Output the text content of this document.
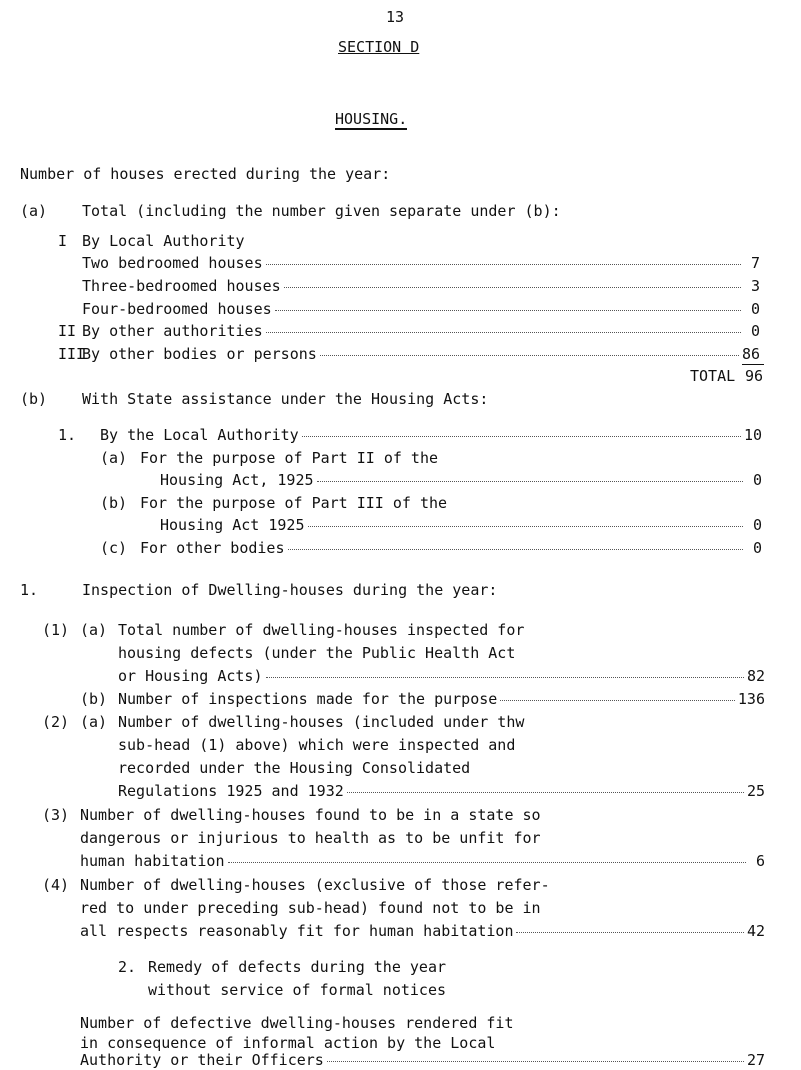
13
SECTION D
HOUSING.
Number of houses erected during the year:
(a) Total (including the number given separate under (b):
I By Local Authority
Two bedroomed houses	7
Three-bedroomed houses	3
Four-bedroomed houses	0
II By other authorities	0
III
By other bodies or persons	86
TOTAL 96
(b) With State assistance under the Housing Acts:
1. By the Local Authority	10
(a) For the purpose of Part II of the
Housing Act, 1925	0
(b) For the purpose of Part III of the
Housing Act 1925	0
(c) For other bodies	0
1.	Inspection of Dwelling-houses during the year:
(1) (a) Total number of dwelling-houses inspected for
housing defects (under the Public Health Act
or Housing Acts)	82
(b) Number of inspections made for the purpose	136
(2) (a) Number of dwelling-houses (included under thw
sub-head (1) above) which were inspected and
recorded under the Housing Consolidated
Regulations 1925 and 1932	25
(3) Number of dwelling-houses found to be in a state so
dangerous or injurious to health as to be unfit for
human habitation	6
(4) Number of dwelling-houses (exclusive of those refer-
red to under preceding sub-head) found not to be in
all respects reasonably fit for human habitation	42
2. Remedy of defects during the year
without service of formal notices
Number of defective dwelling-houses rendered fit
in consequence of informal action by the Local
Authority or their Officers	27
